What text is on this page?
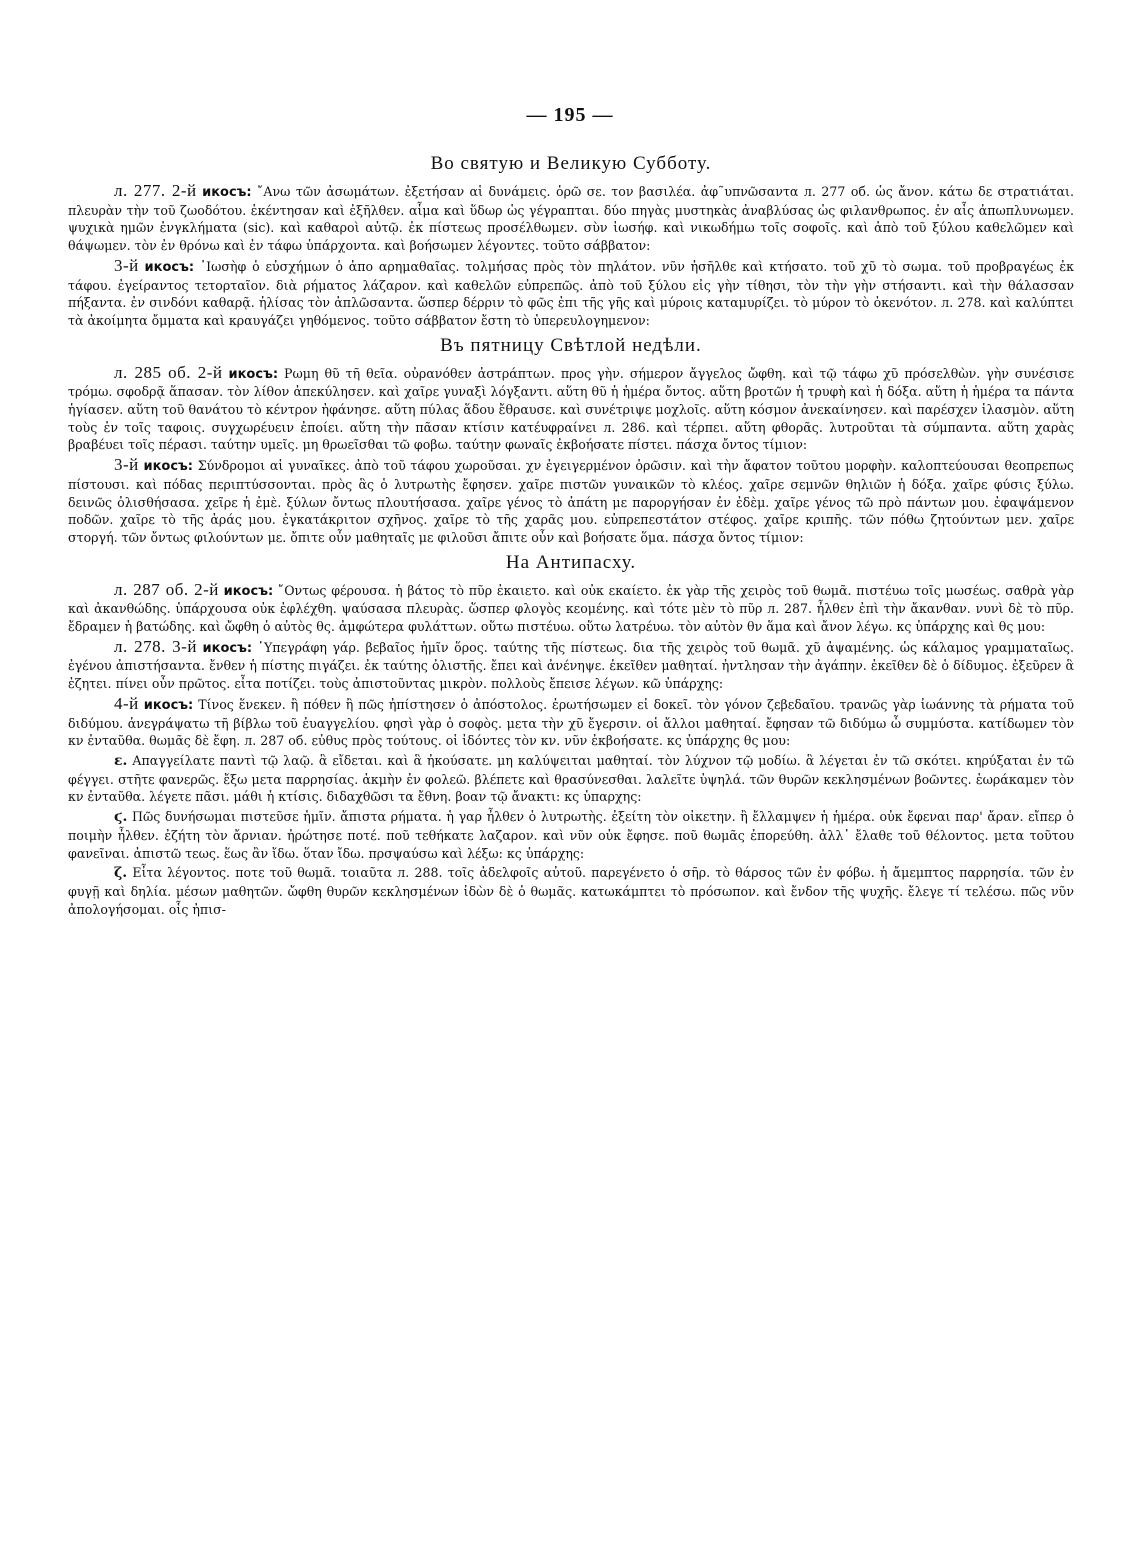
— 195 —
Во святую и Великую Субботу.

л. 277. 2-й икосъ: ῎Ανω τῶν ἀσωμάτων. ἐξετήσαν αἱ δυνάμεις. ὁρῶ σε. τον βασιλέα. ἀφ῀υπνῶσαντα л. 277 об. ὡς ἄνον. κάτω δε στρατιάται. πλευρὰν τὴν τοῦ ζωοδότου. ἐκέντησαν καὶ ἐξῆλθεν. αἷμα καὶ ὕδωρ ὡς γέγραπται. δύο πηγὰς μυστηκὰς ἀναβλύσας ὡς φιλανθρωπος. ἐν αἷς ἀπωπλυνωμεν. ψυχικὰ ημῶν ἐνγκλήματα (sic). καὶ καθαροὶ αὐτῷ. ἐκ πίστεως προσέλθωμεν. σὺν ἰωσήφ. καὶ νικωδήμω τοῖς σοφοῖς. καὶ ἀπὸ τοῦ ξύλου καθελῶμεν καὶ θάψωμεν. τὸν ἐν θρόνω καὶ ἐν τάφω ὑπάρχοντα. καὶ βοήσωμεν λέγοντες. τοῦτο σάββατον:

3-й икосъ: ᾿Ιωσὴφ ὁ εὐσχήμων ὁ ἀπο αρημαθαῖας. τολμήσας πρὸς τὸν πηλάτον. νῦν ἠσῆλθε καὶ κτήσατο. τοῦ χῦ τὸ σωμα. τοῦ προβραγέως ἐκ τάφου. ἐγείραντος τετορταῖον. διὰ ρήματος λάζαρον. καὶ καθελῶν εὐπρεπῶς. ἀπὸ τοῦ ξύλου εἰς γὴν τίθησι, τὸν τὴν γὴν στήσαντι. καὶ τὴν θάλασσαν πήξαντα. ἐν σινδόνι καθαρᾷ. ἡλίσας τὸν ἀπλῶσαντα. ὥσπερ δέρριν τὸ φῶς ἐπι τῆς γῆς καὶ μύροις καταμυρίζει. τὸ μύρον τὸ ὀκενότον. л. 278. καὶ καλύπτει τὰ ἀκοίμητα ὄμματα καὶ κραυγάζει γηθόμενος. τοῦτο σάββατον ἔστη τὸ ὑπερευλογημενον:

Въ пятницу Свѣтлой недѣли.

л. 285 об. 2-й икосъ: Ρωμη θῦ τῆ θεῖα. οὐρανόθεν ἀστράπτων. προς γὴν. σήμερον ἄγγελος ὤφθη. καὶ τῷ τάφω χῦ πρόσελθὼν. γὴν συνέσισε τρόμω. σφοδρᾷ ἅπασαν. τὸν λίθον ἀπεκύλησεν. καὶ χαῖρε γυναξὶ λόγξαντι. αὕτη θῦ ἡ ἡμέρα ὄντος. αὕτη βροτῶν ἡ τρυφὴ καὶ ἡ δόξα. αὕτη ἡ ἡμέρα τα πάντα ἡγίασεν. αὕτη τοῦ θανάτου τὸ κέντρον ἠφάνησε. αὕτη πύλας ἅδου ἔθραυσε. καὶ συνέτριψε μοχλοῖς. αὕτη κόσμον ἀνεκαίνησεν. καὶ παρέσχεν ἱλασμὸν. αὕτη τοὺς ἐν τοῖς ταφοις. συγχωρέυειν ἐποίει. αὕτη τὴν πᾶσαν κτίσιν κατέυφραίνει л. 286. καὶ τέρπει. αὕτη φθορᾶς. λυτροῦται τὰ σύμπαντα. αὕτη χαρὰς βραβέυει τοῖς πέρασι. ταύτην υμεῖς. μη θρωεῖσθαι τῶ φοβω. ταύτην φωναῖς ἐκβοήσατε πίστει. πάσχα ὄντος τίμιον:

3-й икосъ: Σύνδρομοι αἱ γυναῖκες. ἀπὸ τοῦ τάφου χωροῦσαι. χν ἐγειγερμένον ὁρῶσιν. καὶ τὴν ἄφατον τοῦτου μορφὴν. καλοπτεύουσαι θεοπρεπως πίστουσι. καὶ πόδας περιπτύσσονται. πρὸς ἃς ὁ λυτρωτὴς ἔφησεν. χαῖρε πιστῶν γυναικῶν τὸ κλέος. χαῖρε σεμνῶν θηλιῶν ἡ δόξα. χαῖρε φύσις ξύλω. δεινῶς ὀλισθήσασα. χεῖρε ἡ ἐμὲ. ξύλων ὄντως πλουτήσασα. χαῖρε γένος τὸ ἀπάτη με παροργήσαν ἐν ἐδὲμ. χαῖρε γένος τῶ πρὸ πάντων μου. ἐφαψάμενον ποδῶν. χαῖρε τὸ τῆς ἀράς μου. ἐγκατάκριτον σχῆνος. χαῖρε τὸ τῆς χαρᾶς μου. εὐπρεπεστάτον στέφος. χαῖρε κριπῆς. τῶν πόθω ζητούντων μεν. χαῖρε στοργή. τῶν ὄντως φιλούντων με. ὄπιτε οὖν μαθηταῖς με φιλοῦσι ἄπιτε οὖν καὶ βοήσατε ὅμα. πάσχα ὄντος τίμιον:

На Антипасху.

л. 287 об. 2-й икосъ: ῎Οντως φέρουσα. ἡ βάτος τὸ πῦρ ἐκαιετο. καὶ οὐκ εκαίετο. ἐκ γὰρ τῆς χειρὸς τοῦ θωμᾶ. πιστέυω τοῖς μωσέως. σαθρὰ γὰρ καὶ ἀκανθώδης. ὑπάρχουσα οὐκ ἐφλέχθη. ψαύσασα πλευρὰς. ὥσπερ φλογὸς κεομένης. καὶ τότε μὲν τὸ πῦρ л. 287. ἦλθεν ἐπὶ τὴν ἄκανθαν. νυνὶ δὲ τὸ πῦρ. ἔδραμεν ἡ βατώδης. καὶ ὤφθη ὁ αὐτὸς θς. ἀμφώτερα φυλάττων. οὕτω πιστέυω. οὕτω λατρέυω. τὸν αὐτὸν θν ἅμα καὶ ἄνον λέγω. κς ὑπάρχης καὶ θς μου:

л. 278. 3-й икосъ: ῾Υπεγράφη γάρ. βεβαῖος ἡμῖν ὅρος. ταύτης τῆς πίστεως. δια τῆς χειρὸς τοῦ θωμᾶ. χῦ ἀψαμένης. ὡς κάλαμος γραμματαῖως. ἐγένου ἀπιστήσαντα. ἔνθεν ἡ πίστης πιγάζει. ἐκ ταύτης ὀλιστῆς. ἔπει καὶ ἀνένηψε. ἐκεῖθεν μαθηταί. ἠντλησαν τὴν ἀγάπην. ἐκεῖθεν δὲ ὁ δίδυμος. ἐξεῦρεν ἃ ἐζητει. πίνει οὖν πρῶτος. εἶτα ποτίζει. τοὺς ἀπιστοῦντας μικρὸν. πολλοὺς ἔπεισε λέγων. κῶ ὑπάρχης:

4-й икосъ: Τίνος ἕνεκεν. ἢ πόθεν ἢ πῶς ἠπίστησεν ὁ ἀπόστολος. ἐρωτήσωμεν εἰ δοκεῖ. τὸν γόνον ζεβεδαῖου. τρανῶς γὰρ ἰωάννης τὰ ρήματα τοῦ διδύμου. ἀνεγράψατω τῆ βίβλω τοῦ ἐυαγγελίου. φησὶ γὰρ ὁ σοφὸς. μετα τὴν χῦ ἔγερσιν. οἱ ἄλλοι μαθηταί. ἔφησαν τῶ διδύμω ὦ συμμύστα. κατίδωμεν τὸν κν ἐνταῦθα. θωμᾶς δὲ ἔφη. л. 287 об. εὐθυς πρὸς τούτους. οἱ ἰδόντες τὸν κν. νῦν ἐκβοήσατε. κς ὑπάρχης θς μου:

ε. Απαγγείλατε παντὶ τῷ λαῷ. ἃ εἴδεται. καὶ ἃ ἠκούσατε. μη καλύψειται μαθηταί. τὸν λύχνον τῷ μοδίω. ἃ λέγεται ἐν τῶ σκότει. κηρύξαται ἐν τῶ φέγγει. στῆτε φανερῶς. ἔξω μετα παρρησίας. ἀκμὴν ἐν φολεῶ. βλέπετε καὶ θρασύνεσθαι. λαλεῖτε ὑψηλά. τῶν θυρῶν κεκλησμένων βοῶντες. ἑωράκαμεν τὸν κν ἐνταῦθα. λέγετε πᾶσι. μάθι ἡ κτίσις. διδαχθῶσι τα ἔθνη. βοαν τῷ ἄνακτι: κς ὑπαρχης:

ϛ. Πῶς δυνήσωμαι πιστεῦσε ἡμῖν. ἄπιστα ρήματα. ἡ γαρ ἦλθεν ὁ λυτρωτὴς. ἐξείτη τὸν οἰκετην. ἢ ἔλλαμψεν ἡ ἡμέρα. οὐκ ἔφεναι παρ' ἄραν. εἴπερ ὁ ποιμὴν ἦλθεν. ἐζήτη τὸν ἄρνιαν. ἠρώτησε ποτέ. ποῦ τεθήκατε λαζαρον. καὶ νῦν οὐκ ἔφησε. ποῦ θωμᾶς ἐπορεύθη. ἀλλ᾽ ἔλαθε τοῦ θέλοντος. μετα τοῦτου φανεῖναι. ἀπιστῶ τεως. ἕως ἂν ἴδω. ὅταν ἴδω. πρσψαύσω καὶ λέξω: κς ὑπάρχης:

ζ. Εἶτα λέγοντος. ποτε τοῦ θωμᾶ. τοιαῦτα л. 288. τοῖς ἀδελφοῖς αὐτοῦ. παρεγένετο ὁ σῆρ. τὸ θάρσος τῶν ἐν φόβω. ἡ ἄμεμπτος παρρησία. τῶν ἐν φυγῇ καὶ δηλία. μέσων μαθητῶν. ὤφθη θυρῶν κεκλησμένων ἰδὼν δὲ ὁ θωμᾶς. κατωκάμπτει τὸ πρόσωπον. καὶ ἔνδον τῆς ψυχῆς. ἔλεγε τί τελέσω. πῶς νῦν ἀπολογήσομαι. οἷς ἠπισ-
